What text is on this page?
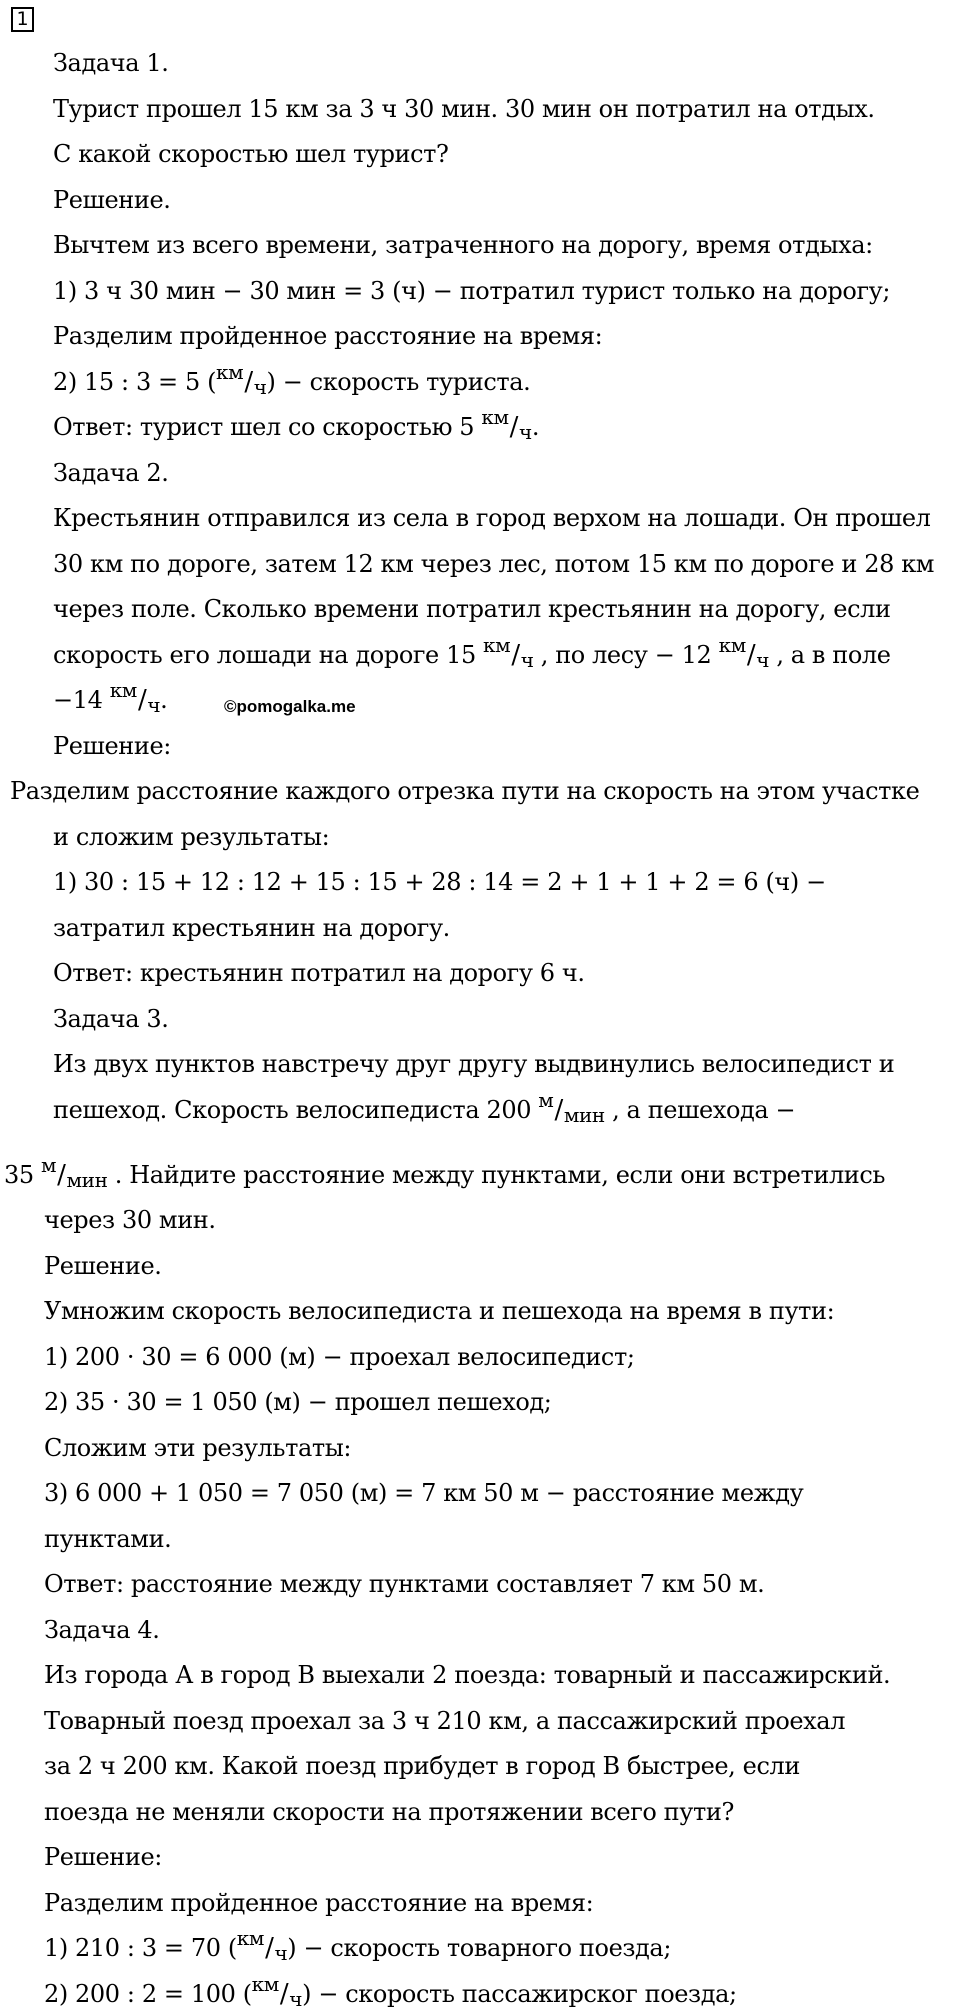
1
Задача 1.
Турист прошел 15 км за 3 ч 30 мин. 30 мин он потратил на отдых.
С какой скоростью шел турист?
Решение.
Вычтем из всего времени, затраченного на дорогу, время отдыха:
1) 3 ч 30 мин − 30 мин = 3 (ч) − потратил турист только на дорогу;
Разделим пройденное расстояние на время:
2) 15 : 3 = 5 ($^{км}$/ч) − скорость туриста.
Ответ: турист шел со скоростью 5 $^{км}$/ч.
Задача 2.
Крестьянин отправился из села в город верхом на лошади. Он прошел
30 км по дороге, затем 12 км через лес, потом 15 км по дороге и 28 км
через поле. Сколько времени потратил крестьянин на дорогу, если
скорость его лошади на дороге 15 $^{км}$/ч , по лесу − 12 $^{км}$/ч , а в поле
−14 $^{км}$/ч.	©pomogalka.me
Решение:
Разделим расстояние каждого отрезка пути на скорость на этом участке
и сложим результаты:
1) 30 : 15 + 12 : 12 + 15 : 15 + 28 : 14 = 2 + 1 + 1 + 2 = 6 (ч) −
затратил крестьянин на дорогу.
Ответ: крестьянин потратил на дорогу 6 ч.
Задача 3.
Из двух пунктов навстречу друг другу выдвинулись велосипедист и
пешеход. Скорость велосипедиста 200 $^м$/мин , а пешехода −
35 $^м$/мин . Найдите расстояние между пунктами, если они встретились
через 30 мин.
Решение.
Умножим скорость велосипедиста и пешехода на время в пути:
1) 200 · 30 = 6 000 (м) − проехал велосипедист;
2) 35 · 30 = 1 050 (м) − прошел пешеход;
Сложим эти результаты:
3) 6 000 + 1 050 = 7 050 (м) = 7 км 50 м − расстояние между
пунктами.
Ответ: расстояние между пунктами составляет 7 км 50 м.
Задача 4.
Из города А в город В выехали 2 поезда: товарный и пассажирский.
Товарный поезд проехал за 3 ч 210 км, а пассажирский проехал
за 2 ч 200 км. Какой поезд прибудет в город В быстрее, если
поезда не меняли скорости на протяжении всего пути?
Решение:
Разделим пройденное расстояние на время:
1) 210 : 3 = 70 ($^{км}$/ч) − скорость товарного поезда;
2) 200 : 2 = 100 ($^{км}$/ч) − скорость пассажирског поезда;
